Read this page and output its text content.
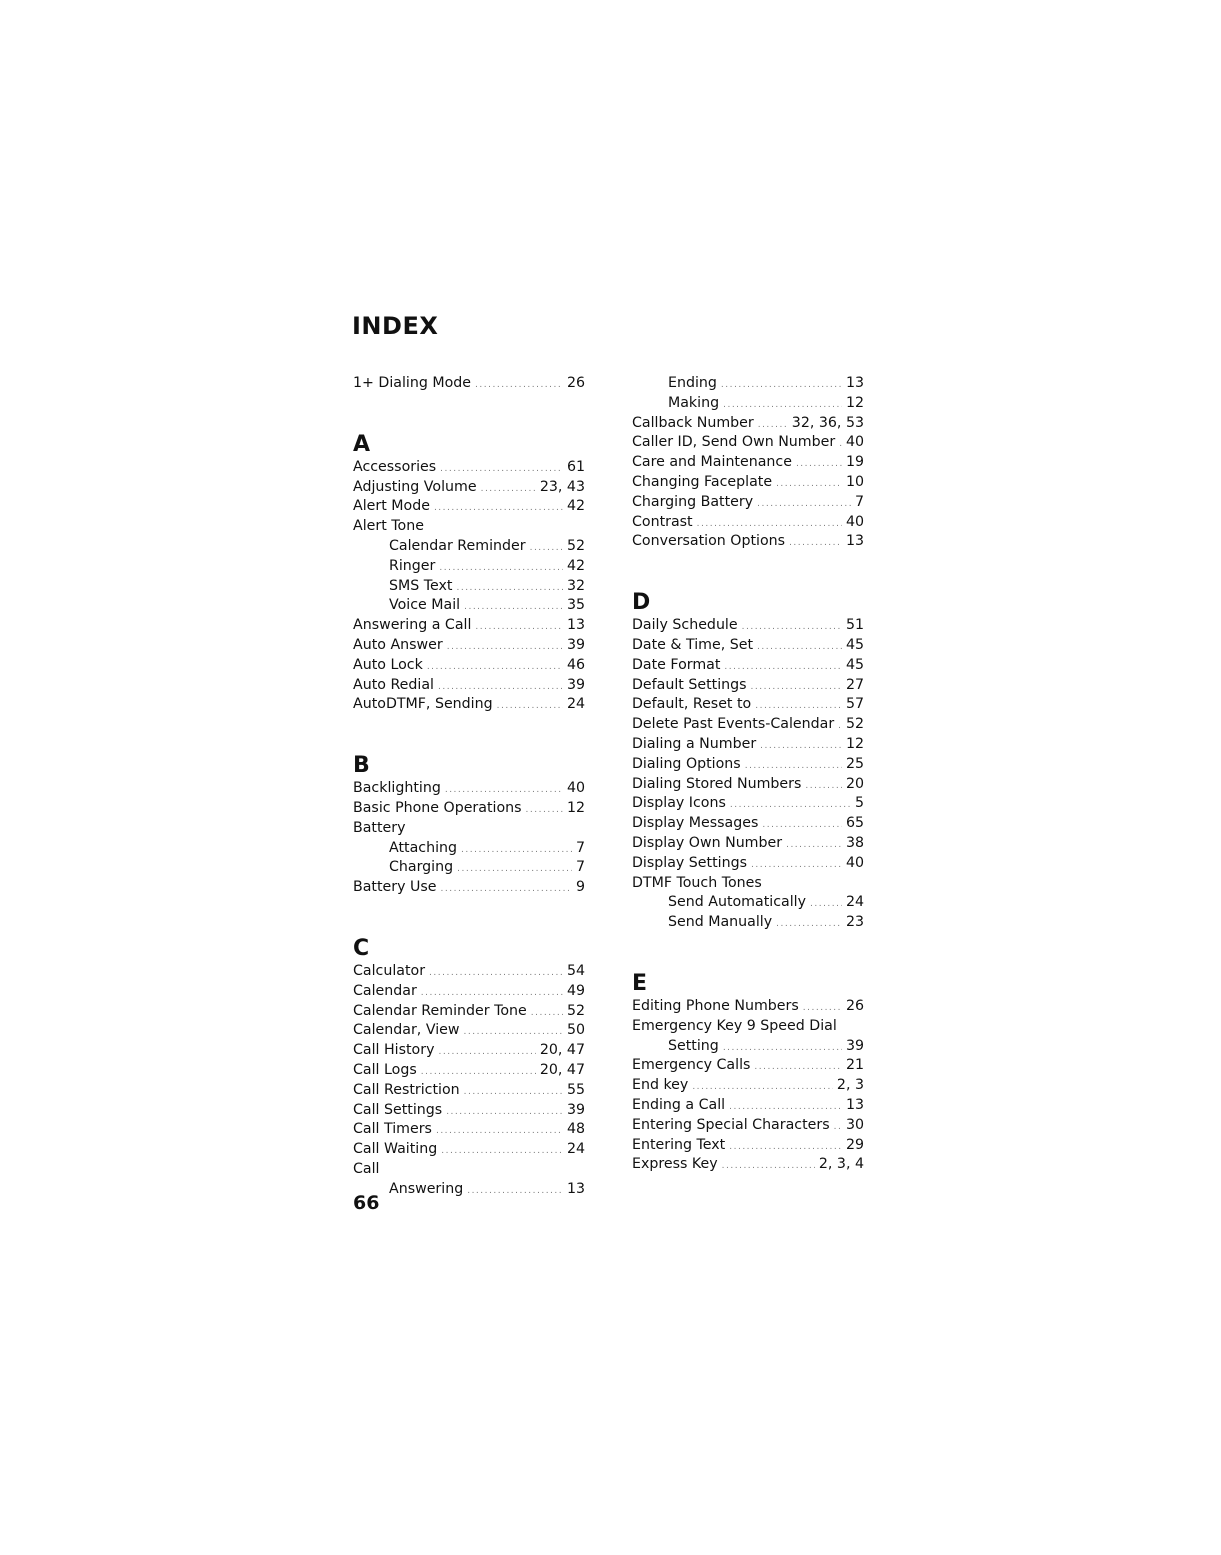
INDEX
1+ Dialing Mode .....	26
A
Accessories .....	61
Adjusting Volume .....	23, 43
Alert Mode .....	42
Alert Tone
Calendar Reminder .....	52
Ringer .....	42
SMS Text .....	32
Voice Mail .....	35
Answering a Call .....	13
Auto Answer .....	39
Auto Lock .....	46
Auto Redial .....	39
AutoDTMF, Sending .....	24
B
Backlighting .....	40
Basic Phone Operations .....	12
Battery
Attaching .....	7
Charging .....	7
Battery Use .....	9
C
Calculator .....	54
Calendar .....	49
Calendar Reminder Tone .....	52
Calendar, View .....	50
Call History .....	20, 47
Call Logs .....	20, 47
Call Restriction .....	55
Call Settings .....	39
Call Timers .....	48
Call Waiting .....	24
Call
Answering .....	13
Ending .....	13
Making .....	12
Callback Number .....	32, 36, 53
Caller ID, Send Own Number ..... 40
Care and Maintenance .....	19
Changing Faceplate .....	10
Charging Battery .....	7
Contrast .....	40
Conversation Options .....	13
D
Daily Schedule .....	51
Date & Time, Set .....	45
Date Format .....	45
Default Settings .....	27
Default, Reset to .....	57
Delete Past Events-Calendar ..... 52
Dialing a Number .....	12
Dialing Options .....	25
Dialing Stored Numbers .....	20
Display Icons .....	5
Display Messages .....	65
Display Own Number .....	38
Display Settings .....	40
DTMF Touch Tones
Send Automatically .....	24
Send Manually .....	23
E
Editing Phone Numbers .....	26
Emergency Key 9 Speed Dial
Setting .....	39
Emergency Calls .....	21
End key .....	2, 3
Ending a Call .....	13
Entering Special Characters ..... 30
Entering Text .....	29
Express Key .....	2, 3, 4
66
